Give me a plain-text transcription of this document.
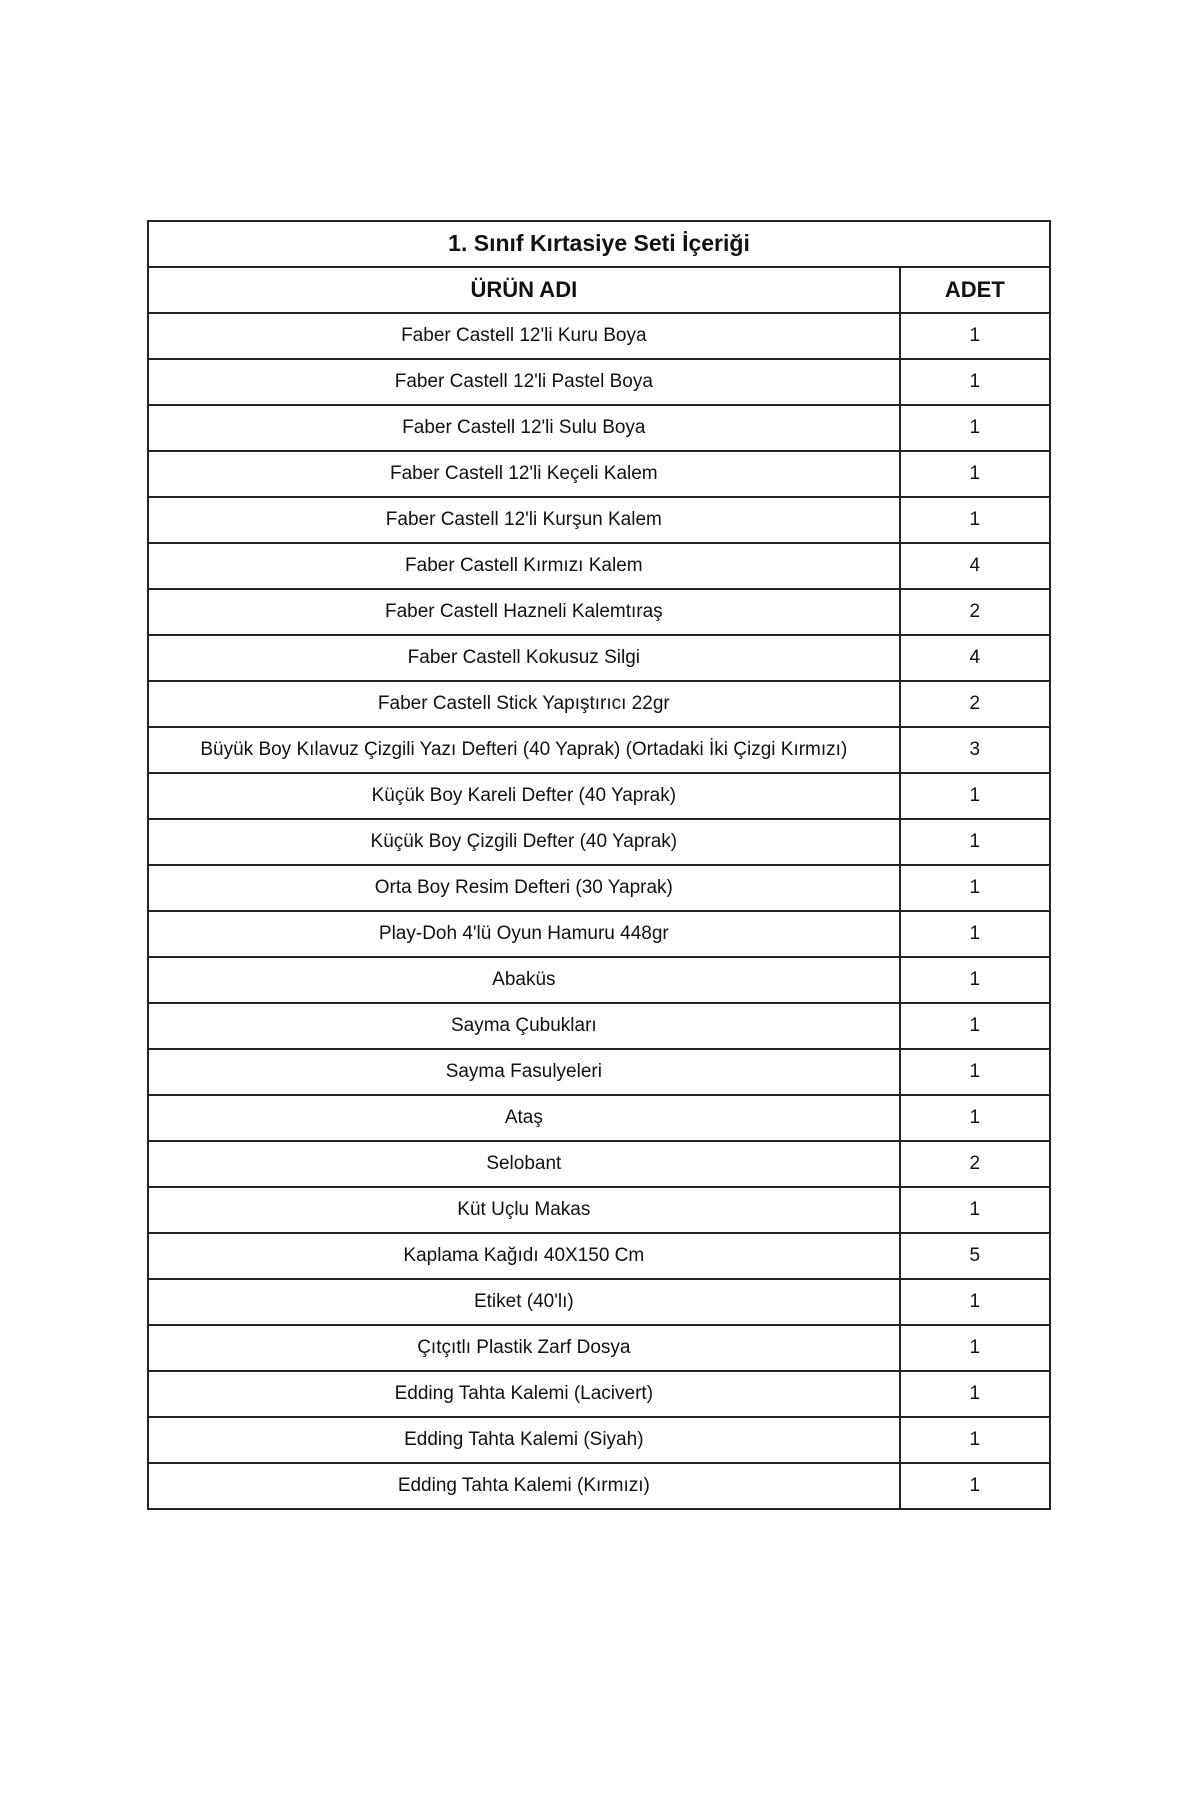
1. Sınıf Kırtasiye Seti İçeriği	
ÜRÜN ADI	ADET
Faber Castell 12'li Kuru Boya	1
Faber Castell 12'li Pastel Boya	1
Faber Castell 12'li Sulu Boya	1
Faber Castell 12'li Keçeli Kalem	1
Faber Castell 12'li Kurşun Kalem	1
Faber Castell Kırmızı Kalem	4
Faber Castell Hazneli Kalemtıraş	2
Faber Castell Kokusuz Silgi	4
Faber Castell Stick Yapıştırıcı 22gr	2
Büyük Boy Kılavuz Çizgili Yazı Defteri (40 Yaprak) (Ortadaki İki Çizgi Kırmızı)	3
Küçük Boy Kareli Defter (40 Yaprak)	1
Küçük Boy Çizgili Defter (40 Yaprak)	1
Orta Boy Resim Defteri (30 Yaprak)	1
Play-Doh 4'lü Oyun Hamuru 448gr	1
Abaküs	1
Sayma Çubukları	1
Sayma Fasulyeleri	1
Ataş	1
Selobant	2
Küt Uçlu Makas	1
Kaplama Kağıdı 40X150 Cm	5
Etiket (40'lı)	1
Çıtçıtlı Plastik Zarf Dosya	1
Edding Tahta Kalemi (Lacivert)	1
Edding Tahta Kalemi (Siyah)	1
Edding Tahta Kalemi (Kırmızı)	1
